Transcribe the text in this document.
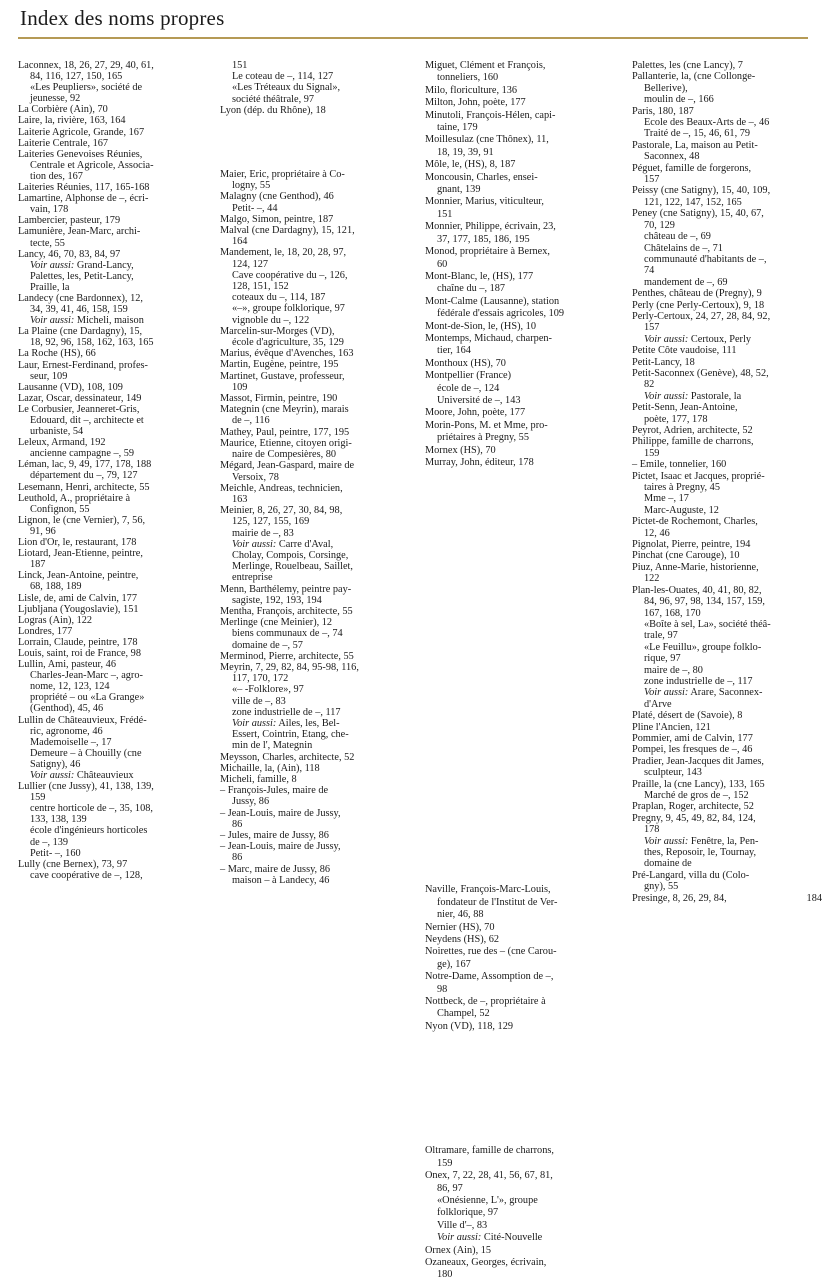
Index des noms propres
Laconnex, 18, 26, 27, 29, 40, 61,
84, 116, 127, 150, 165
«Les Peupliers», société de
jeunesse, 92
La Corbière (Ain), 70
Laire, la, rivière, 163, 164
Laiterie Agricole, Grande, 167
Laiterie Centrale, 167
Laiteries Genevoises Réunies,
Centrale et Agricole, Associa-
tion des, 167
Laiteries Réunies, 117, 165-168
Lamartine, Alphonse de –, écri-
vain, 178
Lambercier, pasteur, 179
Lamunière, Jean-Marc, archi-
tecte, 55
Lancy, 46, 70, 83, 84, 97
Voir aussi: Grand-Lancy,
Palettes, les, Petit-Lancy,
Praille, la
Landecy (cne Bardonnex), 12,
34, 39, 41, 46, 158, 159
Voir aussi: Micheli, maison
La Plaine (cne Dardagny), 15,
18, 92, 96, 158, 162, 163, 165
La Roche (HS), 66
Laur, Ernest-Ferdinand, profes-
seur, 109
Lausanne (VD), 108, 109
Lazar, Oscar, dessinateur, 149
Le Corbusier, Jeanneret-Gris,
Edouard, dit –, architecte et
urbaniste, 54
Leleux, Armand, 192
ancienne campagne –, 59
Léman, lac, 9, 49, 177, 178, 188
département du –, 79, 127
Lesemann, Henri, architecte, 55
Leuthold, A., propriétaire à
Confignon, 55
Lignon, le (cne Vernier), 7, 56,
91, 96
Lion d'Or, le, restaurant, 178
Liotard, Jean-Etienne, peintre,
187
Linck, Jean-Antoine, peintre,
68, 188, 189
Lisle, de, ami de Calvin, 177
Ljubljana (Yougoslavie), 151
Logras (Ain), 122
Londres, 177
Lorrain, Claude, peintre, 178
Louis, saint, roi de France, 98
Lullin, Ami, pasteur, 46
Charles-Jean-Marc –, agro-
nome, 12, 123, 124
propriété – ou «La Grange»
(Genthod), 45, 46
Lullin de Châteauvieux, Frédé-
ric, agronome, 46
Mademoiselle –, 17
Demeure – à Chouilly (cne
Satigny), 46
Voir aussi: Châteauvieux
Lullier (cne Jussy), 41, 138, 139,
159
centre horticole de –, 35, 108,
133, 138, 139
école d'ingénieurs horticoles
de –, 139
Petit- –, 160
Lully (cne Bernex), 73, 97
cave coopérative de –, 128,
151
Le coteau de –, 114, 127
«Les Tréteaux du Signal»,
société théâtrale, 97
Lyon (dép. du Rhône), 18
Maier, Eric, propriétaire à Co-
logny, 55
Malagny (cne Genthod), 46
Petit- –, 44
Malgo, Simon, peintre, 187
Malval (cne Dardagny), 15, 121,
164
Mandement, le, 18, 20, 28, 97,
124, 127
Cave coopérative du –, 126,
128, 151, 152
coteaux du –, 114, 187
«–», groupe folklorique, 97
vignoble du –, 122
Marcelin-sur-Morges (VD),
école d'agriculture, 35, 129
Marius, évêque d'Avenches, 163
Martin, Eugène, peintre, 195
Martinet, Gustave, professeur,
109
Massot, Firmin, peintre, 190
Mategnin (cne Meyrin), marais
de –, 116
Mathey, Paul, peintre, 177, 195
Maurice, Etienne, citoyen origi-
naire de Compesières, 80
Mégard, Jean-Gaspard, maire de
Versoix, 78
Meichle, Andreas, technicien,
163
Meinier, 8, 26, 27, 30, 84, 98,
125, 127, 155, 169
mairie de –, 83
Voir aussi: Carre d'Aval,
Cholay, Compois, Corsinge,
Merlinge, Rouelbeau, Saillet,
entreprise
Menn, Barthélemy, peintre pay-
sagiste, 192, 193, 194
Mentha, François, architecte, 55
Merlinge (cne Meinier), 12
biens communaux de –, 74
domaine de –, 57
Merminod, Pierre, architecte, 55
Meyrin, 7, 29, 82, 84, 95-98, 116,
117, 170, 172
«– -Folklore», 97
ville de –, 83
zone industrielle de –, 117
Voir aussi: Ailes, les, Bel-
Essert, Cointrin, Etang, che-
min de l', Mategnin
Meysson, Charles, architecte, 52
Michaille, la, (Ain), 118
Micheli, famille, 8
– François-Jules, maire de
Jussy, 86
– Jean-Louis, maire de Jussy,
86
– Jules, maire de Jussy, 86
– Jean-Louis, maire de Jussy,
86
– Marc, maire de Jussy, 86
maison – à Landecy, 46
Miguet, Clément et François,
tonneliers, 160
Milo, floriculture, 136
Milton, John, poète, 177
Minutoli, François-Hélen, capi-
taine, 179
Moillesulaz (cne Thônex), 11,
18, 19, 39, 91
Môle, le, (HS), 8, 187
Moncousin, Charles, ensei-
gnant, 139
Monnier, Marius, viticulteur,
151
Monnier, Philippe, écrivain, 23,
37, 177, 185, 186, 195
Monod, propriétaire à Bernex,
60
Mont-Blanc, le, (HS), 177
chaîne du –, 187
Mont-Calme (Lausanne), station
fédérale d'essais agricoles, 109
Mont-de-Sion, le, (HS), 10
Montemps, Michaud, charpen-
tier, 164
Monthoux (HS), 70
Montpellier (France)
école de –, 124
Université de –, 143
Moore, John, poète, 177
Morin-Pons, M. et Mme, pro-
priétaires à Pregny, 55
Mornex (HS), 70
Murray, John, éditeur, 178
Naville, François-Marc-Louis,
fondateur de l'Institut de Ver-
nier, 46, 88
Nernier (HS), 70
Neydens (HS), 62
Noirettes, rue des – (cne Carou-
ge), 167
Notre-Dame, Assomption de –,
98
Nottbeck, de –, propriétaire à
Champel, 52
Nyon (VD), 118, 129
Oltramare, famille de charrons,
159
Onex, 7, 22, 28, 41, 56, 67, 81,
86, 97
«Onésienne, L'», groupe
folklorique, 97
Ville d'–, 83
Voir aussi: Cité-Nouvelle
Ornex (Ain), 15
Ozaneaux, Georges, écrivain,
180
Palettes, les (cne Lancy), 7
Pallanterie, la, (cne Collonge-
Bellerive),
moulin de –, 166
Paris, 180, 187
Ecole des Beaux-Arts de –, 46
Traité de –, 15, 46, 61, 79
Pastorale, La, maison au Petit-
Saconnex, 48
Péguet, famille de forgerons,
157
Peissy (cne Satigny), 15, 40, 109,
121, 122, 147, 152, 165
Peney (cne Satigny), 15, 40, 67,
70, 129
château de –, 69
Châtelains de –, 71
communauté d'habitants de –,
74
mandement de –, 69
Penthes, château de (Pregny), 9
Perly (cne Perly-Certoux), 9, 18
Perly-Certoux, 24, 27, 28, 84, 92,
157
Voir aussi: Certoux, Perly
Petite Côte vaudoise, 111
Petit-Lancy, 18
Petit-Saconnex (Genève), 48, 52,
82
Voir aussi: Pastorale, la
Petit-Senn, Jean-Antoine,
poète, 177, 178
Peyrot, Adrien, architecte, 52
Philippe, famille de charrons,
159
– Emile, tonnelier, 160
Pictet, Isaac et Jacques, proprié-
taires à Pregny, 45
Mme –, 17
Marc-Auguste, 12
Pictet-de Rochemont, Charles,
12, 46
Pignolat, Pierre, peintre, 194
Pinchat (cne Carouge), 10
Piuz, Anne-Marie, historienne,
122
Plan-les-Ouates, 40, 41, 80, 82,
84, 96, 97, 98, 134, 157, 159,
167, 168, 170
«Boîte à sel, La», société théâ-
trale, 97
«Le Feuillu», groupe folklo-
rique, 97
maire de –, 80
zone industrielle de –, 117
Voir aussi: Arare, Saconnex-
d'Arve
Platé, désert de (Savoie), 8
Pline l'Ancien, 121
Pommier, ami de Calvin, 177
Pompei, les fresques de –, 46
Pradier, Jean-Jacques dit James,
sculpteur, 143
Praille, la (cne Lancy), 133, 165
Marché de gros de –, 152
Praplan, Roger, architecte, 52
Pregny, 9, 45, 49, 82, 84, 124,
178
Voir aussi: Fenêtre, la, Pen-
thes, Reposoir, le, Tournay,
domaine de
Pré-Langard, villa du (Colo-
gny), 55
Presinge, 8, 26, 29, 84,	184
